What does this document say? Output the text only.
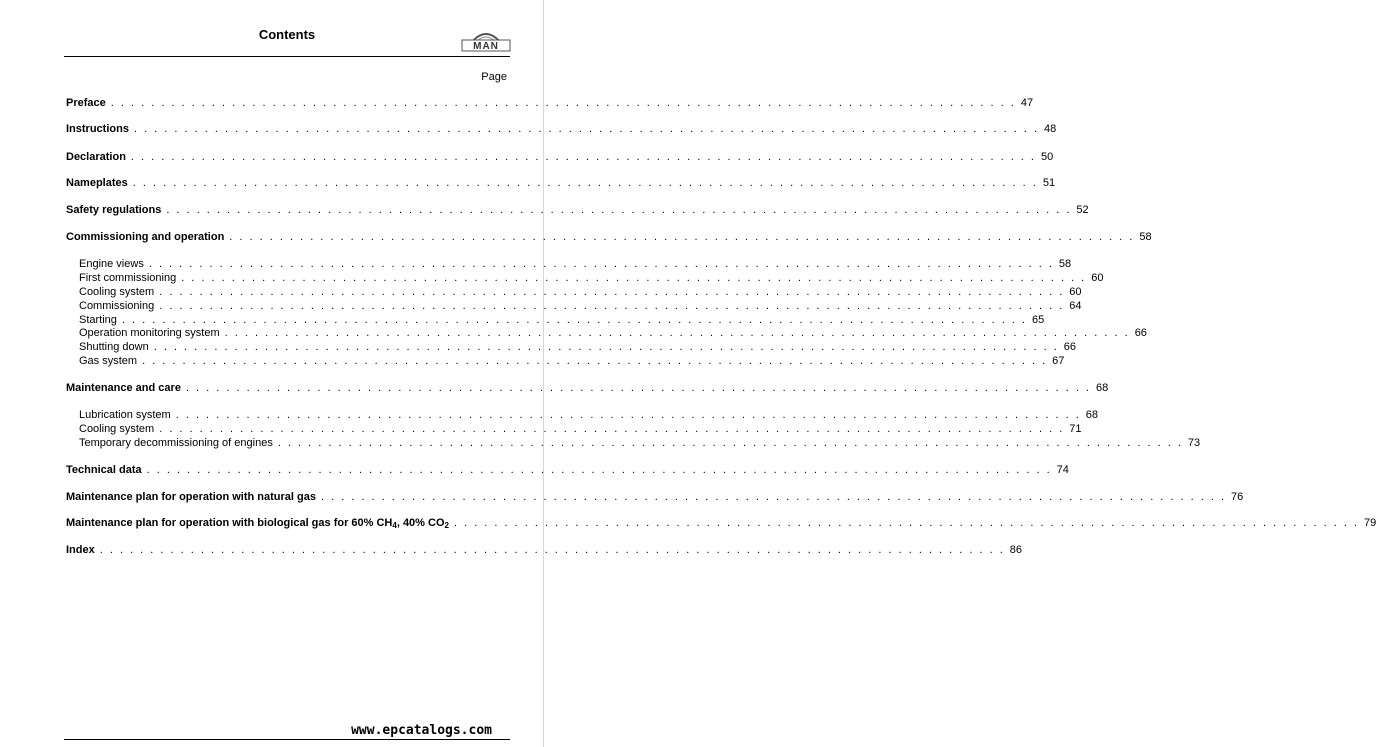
Contents
MAN
Page
Preface . . . . . . . . . . . . . . . . . . . . . . . . . . . . . . . . . . . . . . . . . . . . . . . . . . . . . . . . . . . . . . . . . . . . . . . . . . . . . . . . . . . . . . . . . . 47
Instructions . . . . . . . . . . . . . . . . . . . . . . . . . . . . . . . . . . . . . . . . . . . . . . . . . . . . . . . . . . . . . . . . . . . . . . . . . . . . . . . . . . . . . . . . . . 48
Declaration . . . . . . . . . . . . . . . . . . . . . . . . . . . . . . . . . . . . . . . . . . . . . . . . . . . . . . . . . . . . . . . . . . . . . . . . . . . . . . . . . . . . . . . . . . 50
Nameplates . . . . . . . . . . . . . . . . . . . . . . . . . . . . . . . . . . . . . . . . . . . . . . . . . . . . . . . . . . . . . . . . . . . . . . . . . . . . . . . . . . . . . . . . . . 51
Safety regulations . . . . . . . . . . . . . . . . . . . . . . . . . . . . . . . . . . . . . . . . . . . . . . . . . . . . . . . . . . . . . . . . . . . . . . . . . . . . . . . . . . . . . . . . . . 52
Commissioning and operation . . . . . . . . . . . . . . . . . . . . . . . . . . . . . . . . . . . . . . . . . . . . . . . . . . . . . . . . . . . . . . . . . . . . . . . . . . . . . . . . . . . . . . . . . . 58
Engine views . . . . . . . . . . . . . . . . . . . . . . . . . . . . . . . . . . . . . . . . . . . . . . . . . . . . . . . . . . . . . . . . . . . . . . . . . . . . . . . . . . . . . . . . . . 58
First commissioning . . . . . . . . . . . . . . . . . . . . . . . . . . . . . . . . . . . . . . . . . . . . . . . . . . . . . . . . . . . . . . . . . . . . . . . . . . . . . . . . . . . . . . . . . . 60
Cooling system . . . . . . . . . . . . . . . . . . . . . . . . . . . . . . . . . . . . . . . . . . . . . . . . . . . . . . . . . . . . . . . . . . . . . . . . . . . . . . . . . . . . . . . . . . 60
Commissioning . . . . . . . . . . . . . . . . . . . . . . . . . . . . . . . . . . . . . . . . . . . . . . . . . . . . . . . . . . . . . . . . . . . . . . . . . . . . . . . . . . . . . . . . . . 64
Starting . . . . . . . . . . . . . . . . . . . . . . . . . . . . . . . . . . . . . . . . . . . . . . . . . . . . . . . . . . . . . . . . . . . . . . . . . . . . . . . . . . . . . . . . . . 65
Operation monitoring system . . . . . . . . . . . . . . . . . . . . . . . . . . . . . . . . . . . . . . . . . . . . . . . . . . . . . . . . . . . . . . . . . . . . . . . . . . . . . . . . . . . . . . . . . . 66
Shutting down . . . . . . . . . . . . . . . . . . . . . . . . . . . . . . . . . . . . . . . . . . . . . . . . . . . . . . . . . . . . . . . . . . . . . . . . . . . . . . . . . . . . . . . . . . 66
Gas system . . . . . . . . . . . . . . . . . . . . . . . . . . . . . . . . . . . . . . . . . . . . . . . . . . . . . . . . . . . . . . . . . . . . . . . . . . . . . . . . . . . . . . . . . . 67
Maintenance and care . . . . . . . . . . . . . . . . . . . . . . . . . . . . . . . . . . . . . . . . . . . . . . . . . . . . . . . . . . . . . . . . . . . . . . . . . . . . . . . . . . . . . . . . . . 68
Lubrication system . . . . . . . . . . . . . . . . . . . . . . . . . . . . . . . . . . . . . . . . . . . . . . . . . . . . . . . . . . . . . . . . . . . . . . . . . . . . . . . . . . . . . . . . . . 68
Cooling system . . . . . . . . . . . . . . . . . . . . . . . . . . . . . . . . . . . . . . . . . . . . . . . . . . . . . . . . . . . . . . . . . . . . . . . . . . . . . . . . . . . . . . . . . . 71
Temporary decommissioning of engines . . . . . . . . . . . . . . . . . . . . . . . . . . . . . . . . . . . . . . . . . . . . . . . . . . . . . . . . . . . . . . . . . . . . . . . . . . . . . . . . . . . . . . . . . . 73
Technical data . . . . . . . . . . . . . . . . . . . . . . . . . . . . . . . . . . . . . . . . . . . . . . . . . . . . . . . . . . . . . . . . . . . . . . . . . . . . . . . . . . . . . . . . . . 74
Maintenance plan for operation with natural gas . . . . . . . . . . . . . . . . . . . . . . . . . . . . . . . . . . . . . . . . . . . . . . . . . . . . . . . . . . . . . . . . . . . . . . . . . . . . . . . . . . . . . . . . . . 76
Maintenance plan for operation with biological gas for 60% $CH_4$, 40% $CO_2$ . . . . . . . . . . . . . . . . . . . . . . . . . . . . . . . . . . . . . . . . . . . . . . . . . . . . . . . . . . . . . . . . . . . . . . . . . . . . . . . . . . . . . . . . . . 79
Index . . . . . . . . . . . . . . . . . . . . . . . . . . . . . . . . . . . . . . . . . . . . . . . . . . . . . . . . . . . . . . . . . . . . . . . . . . . . . . . . . . . . . . . . . . 86
www.epcatalogs.com
